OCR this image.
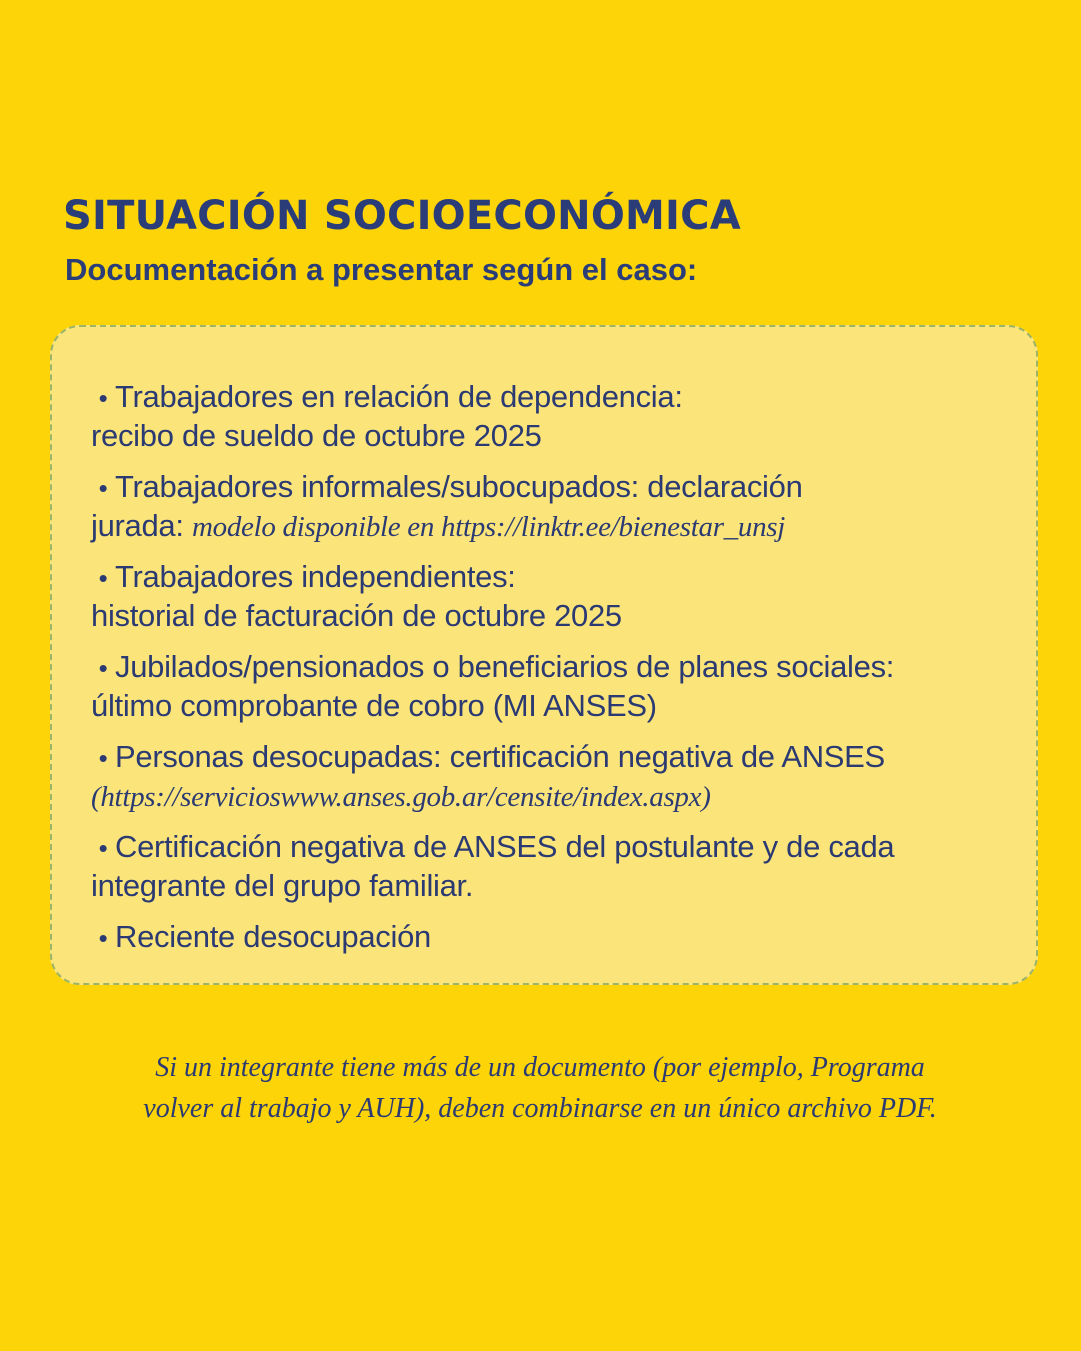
SITUACIÓN SOCIOECONÓMICA
Documentación a presentar según el caso:
• Trabajadores en relación de dependencia:
recibo de sueldo de octubre 2025
• Trabajadores informales/subocupados: declaración
jurada: modelo disponible en https://linktr.ee/bienestar_unsj
• Trabajadores independientes:
historial de facturación de octubre 2025
• Jubilados/pensionados o beneficiarios de planes sociales:
último comprobante de cobro (MI ANSES)
• Personas desocupadas: certificación negativa de ANSES
(https://servicioswww.anses.gob.ar/censite/index.aspx)
• Certificación negativa de ANSES del postulante y de cada
integrante del grupo familiar.
• Reciente desocupación
Si un integrante tiene más de un documento (por ejemplo, Programa
volver al trabajo y AUH), deben combinarse en un único archivo PDF.
